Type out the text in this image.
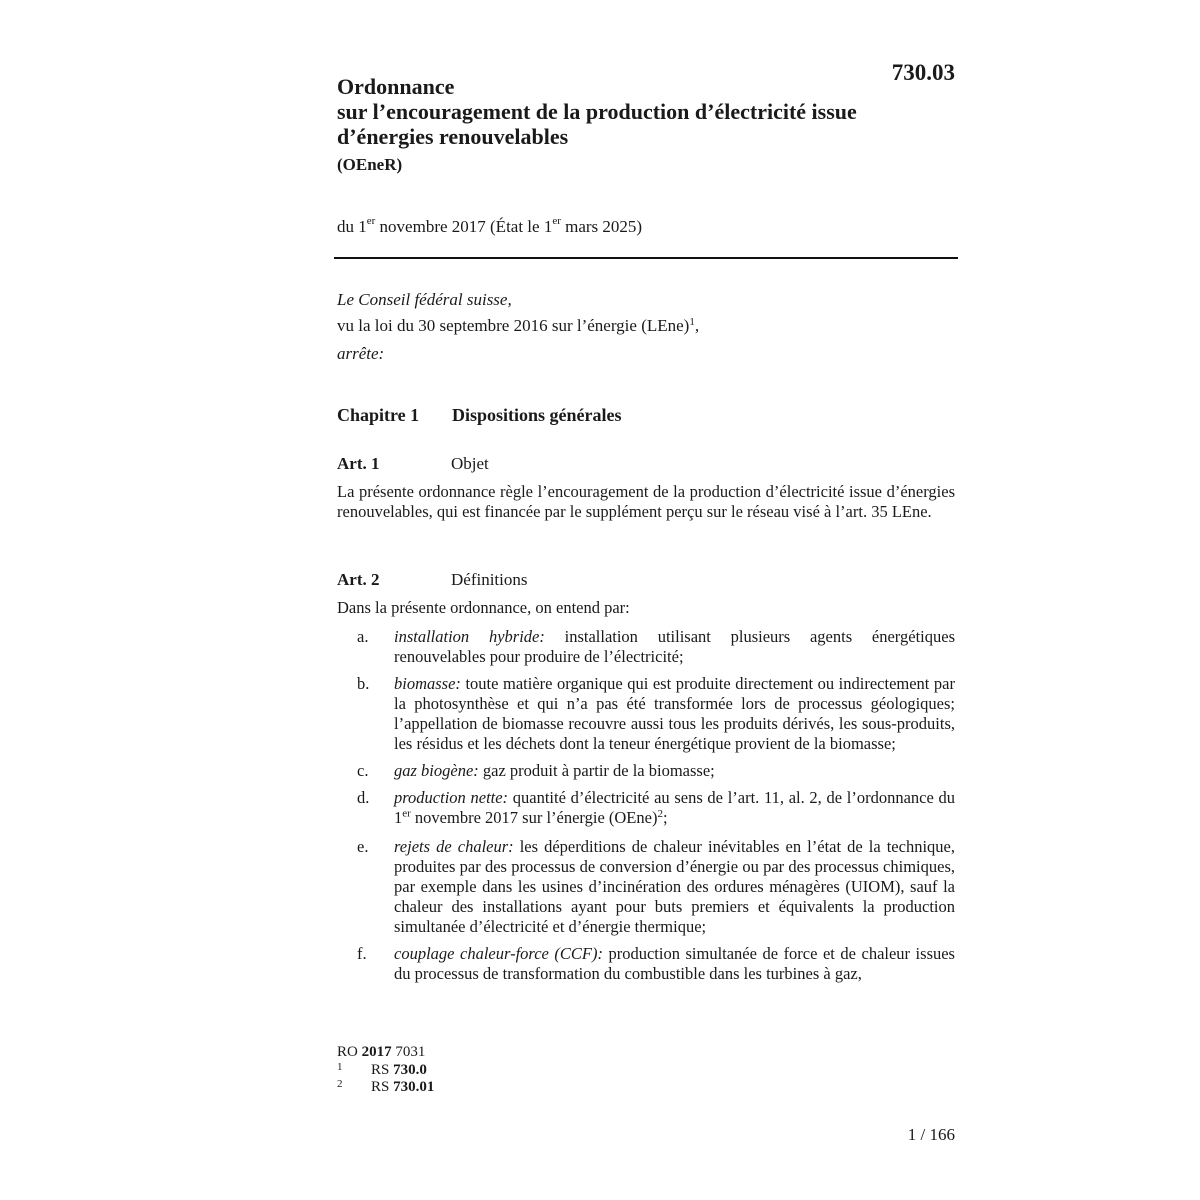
730.03
Ordonnance
sur l’encouragement de la production d’électricité issue
d’énergies renouvelables
(OEneR)
du 1er novembre 2017 (État le 1er mars 2025)

Le Conseil fédéral suisse,

vu la loi du 30 septembre 2016 sur l’énergie (LEne)$^1$,

arrête:

Chapitre 1 Dispositions générales
Art. 1	Objet

La présente ordonnance règle l’encouragement de la production d’électricité issue d’énergies renouvelables, qui est financée par le supplément perçu sur le réseau visé à l’art. 35 LEne.

Art. 2	Définitions

Dans la présente ordonnance, on entend par:

a. installation hybride: installation utilisant plusieurs agents énergétiques renouvelables pour produire de l’électricité;
b. biomasse: toute matière organique qui est produite directement ou indirectement par la photosynthèse et qui n’a pas été transformée lors de processus géologiques; l’appellation de biomasse recouvre aussi tous les produits dérivés, les sous-produits, les résidus et les déchets dont la teneur énergétique provient de la biomasse;
c. gaz biogène: gaz produit à partir de la biomasse;
d. production nette: quantité d’électricité au sens de l’art. 11, al. 2, de l’ordonnance du 1er novembre 2017 sur l’énergie (OEne)$^2$;
e. rejets de chaleur: les déperditions de chaleur inévitables en l’état de la technique, produites par des processus de conversion d’énergie ou par des processus chimiques, par exemple dans les usines d’incinération des ordures ménagères (UIOM), sauf la chaleur des installations ayant pour buts premiers et équivalents la production simultanée d’électricité et d’énergie thermique;
f. couplage chaleur-force (CCF): production simultanée de force et de chaleur issues du processus de transformation du combustible dans les turbines à gaz,
RO 2017 7031
1 RS 730.0
2 RS 730.01
1 / 166
